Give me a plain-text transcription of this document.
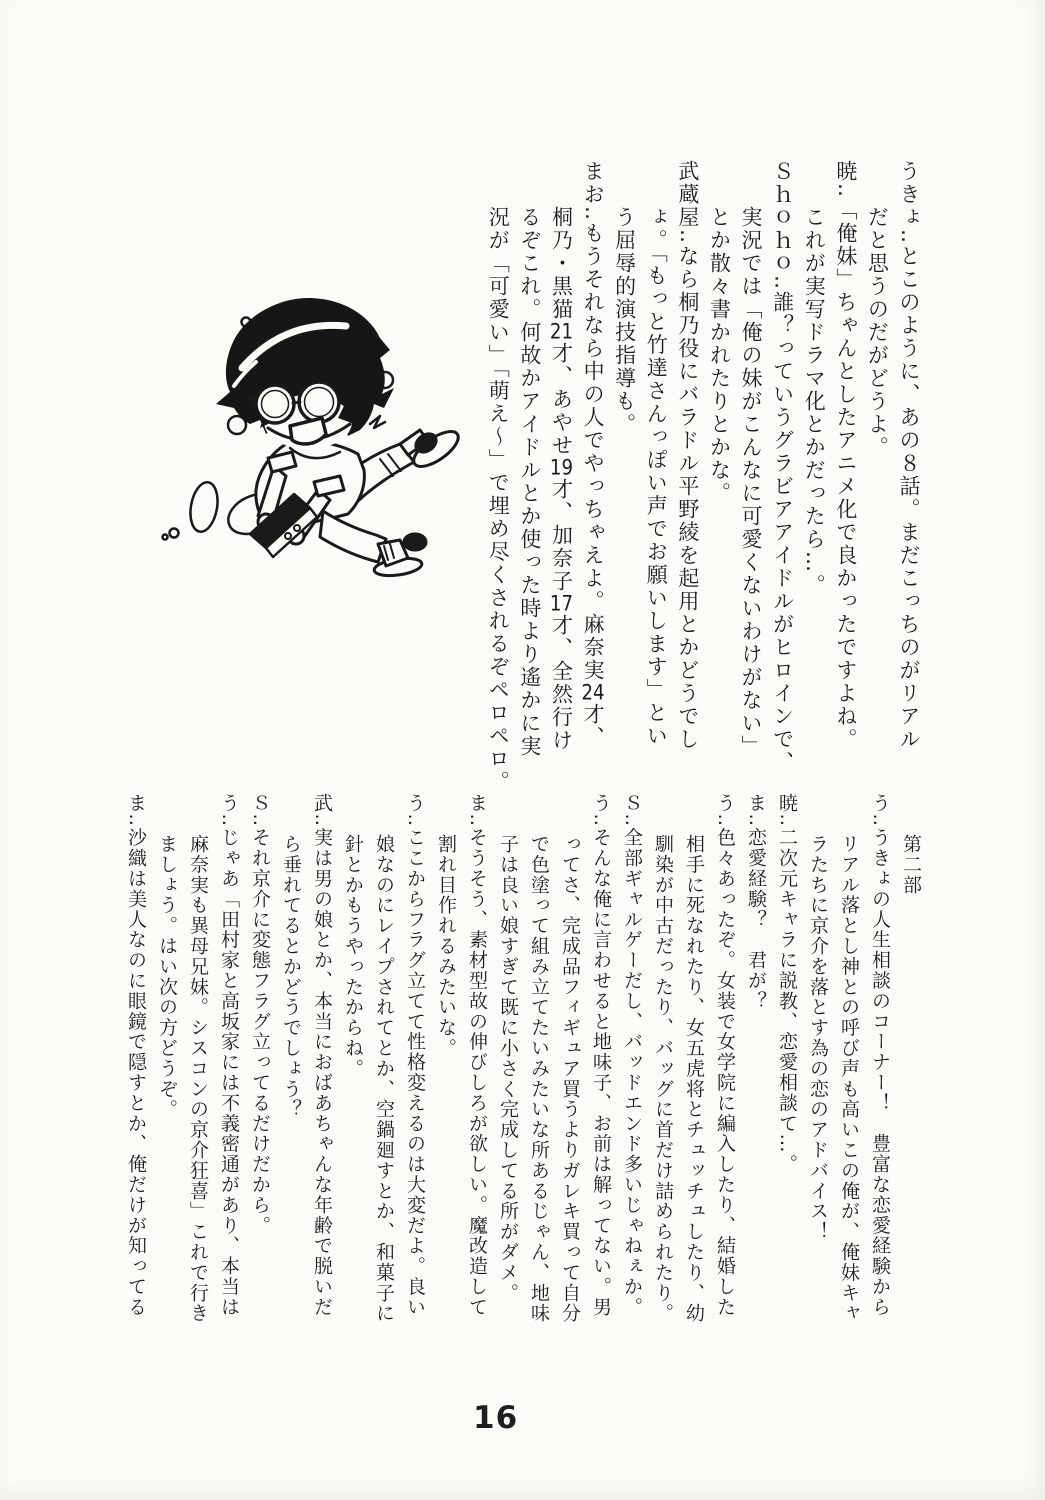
うきょ‥とこのように、あの８話。まだこっちのがリアル
　　だと思うのだがどうよ。
暁‥「俺妹」ちゃんとしたアニメ化で良かったですよね。
　　これが実写ドラマ化とかだったら…。
Ｓｈｏｈｏ‥誰？っていうグラビアアイドルがヒロインで、
　　実況では「俺の妹がこんなに可愛くないわけがない」
　　とか散々書かれたりとかな。
武蔵屋‥なら桐乃役にバラドル平野綾を起用とかどうでし
　　ょ。「もっと竹達さんっぽい声でお願いします」とい
　　う屈辱的演技指導も。
まお‥もうそれなら中の人でやっちゃえよ。麻奈実24才、
　　桐乃・黒猫21才、あやせ19才、加奈子17才、全然行け
　　るぞこれ。何故かアイドルとか使った時より遙かに実
　　況が「可愛い」「萌え～」で埋め尽くされるぞペロペロ。
　　第二部
う‥うきょの人生相談のコーナー！　豊富な恋愛経験から
　　リアル落とし神との呼び声も高いこの俺が、俺妹キャ
　　ラたちに京介を落とす為の恋のアドバイス！
暁‥二次元キャラに説教、恋愛相談て…。
ま‥恋愛経験？　君が？
う‥色々あったぞ。女装で女学院に編入したり、結婚した
　　相手に死なれたり、女五虎将とチュッチュしたり、幼
　　馴染が中古だったり、バッグに首だけ詰められたり。
Ｓ‥全部ギャルゲーだし、バッドエンド多いじゃねぇか。
う‥そんな俺に言わせると地味子、お前は解ってない。男
　　ってさ、完成品フィギュア買うよりガレキ買って自分
　　で色塗って組み立てたいみたいな所あるじゃん、地味
　　子は良い娘すぎて既に小さく完成してる所がダメ。
ま‥そうそう、素材型故の伸びしろが欲しい。魔改造して
　　割れ目作れるみたいな。
う‥ここからフラグ立てて性格変えるのは大変だよ。良い
　　娘なのにレイプされてとか、空鍋廻すとか、和菓子に
　　針とかもうやったからね。
武‥実は男の娘とか、本当におばあちゃんな年齢で脱いだ
　　ら垂れてるとかどうでしょう？
Ｓ‥それ京介に変態フラグ立ってるだけだから。
う‥じゃあ「田村家と高坂家には不義密通があり、本当は
　　麻奈実も異母兄妹。シスコンの京介狂喜」これで行き
　　ましょう。はい次の方どうぞ。
ま‥沙織は美人なのに眼鏡で隠すとか、俺だけが知ってる
16
